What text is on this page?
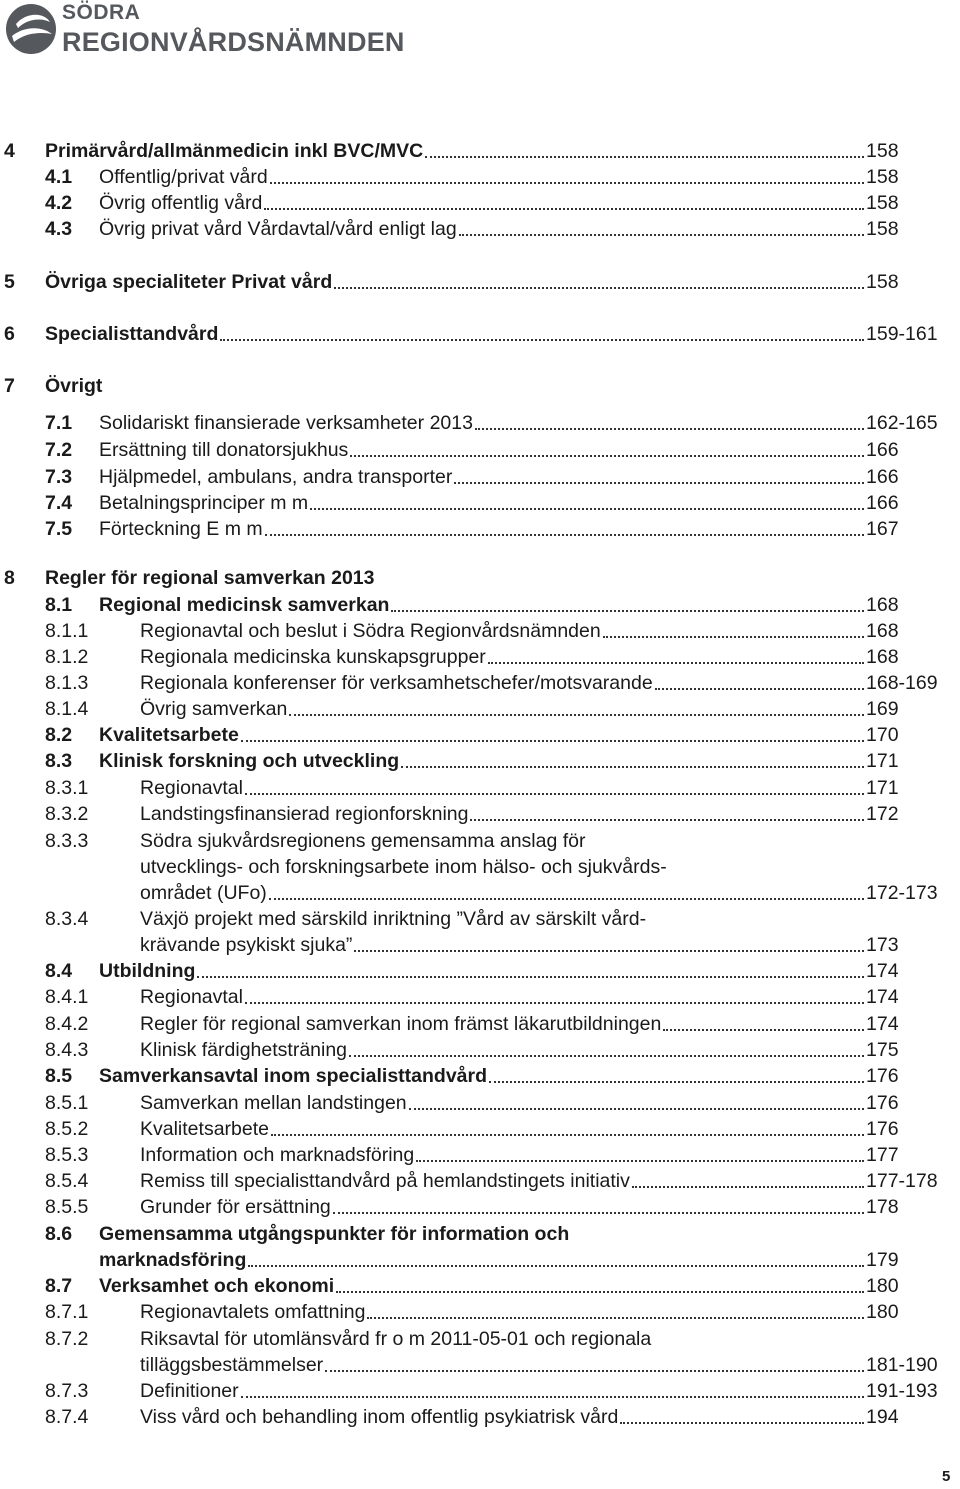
SÖDRA
REGIONVÅRDSNÄMNDEN
4 Primärvård/allmänmedicin inkl BVC/MVC	158
4.1 Offentlig/privat vård	158
4.2 Övrig offentlig vård	158
4.3 Övrig privat vård Vårdavtal/vård enligt lag	158
5 Övriga specialiteter Privat vård	158
6 Specialisttandvård	159-161
7 Övrigt
7.1 Solidariskt finansierade verksamheter 2013	162-165
7.2 Ersättning till donatorsjukhus	166
7.3 Hjälpmedel, ambulans, andra transporter	166
7.4 Betalningsprinciper m m	166
7.5 Förteckning E m m	167
8 Regler för regional samverkan 2013
8.1 Regional medicinsk samverkan	168
8.1.1	Regionavtal och beslut i Södra Regionvårdsnämnden	168
8.1.2	Regionala medicinska kunskapsgrupper	168
8.1.3	Regionala konferenser för verksamhetschefer/motsvarande	168-169
8.1.4	Övrig samverkan	169
8.2 Kvalitetsarbete	170
8.3 Klinisk forskning och utveckling	171
8.3.1	Regionavtal	171
8.3.2	Landstingsfinansierad regionforskning	172
8.3.3	Södra sjukvårdsregionens gemensamma anslag för
utvecklings- och forskningsarbete inom hälso- och sjukvårds-
området (UFo)	172-173
8.3.4	Växjö projekt med särskild inriktning ”Vård av särskilt vård-
krävande psykiskt sjuka”	173
8.4 Utbildning	174
8.4.1	Regionavtal	174
8.4.2	Regler för regional samverkan inom främst läkarutbildningen	174
8.4.3	Klinisk färdighetsträning	175
8.5 Samverkansavtal inom specialisttandvård	176
8.5.1	Samverkan mellan landstingen	176
8.5.2	Kvalitetsarbete	176
8.5.3	Information och marknadsföring	177
8.5.4	Remiss till specialisttandvård på hemlandstingets initiativ	177-178
8.5.5	Grunder för ersättning	178
8.6 Gemensamma utgångspunkter för information och
marknadsföring	179
8.7 Verksamhet och ekonomi	180
8.7.1	Regionavtalets omfattning	180
8.7.2	Riksavtal för utomlänsvård fr o m 2011-05-01 och regionala
tilläggsbestämmelser	181-190
8.7.3	Definitioner	191-193
8.7.4	Viss vård och behandling inom offentlig psykiatrisk vård	194
5
